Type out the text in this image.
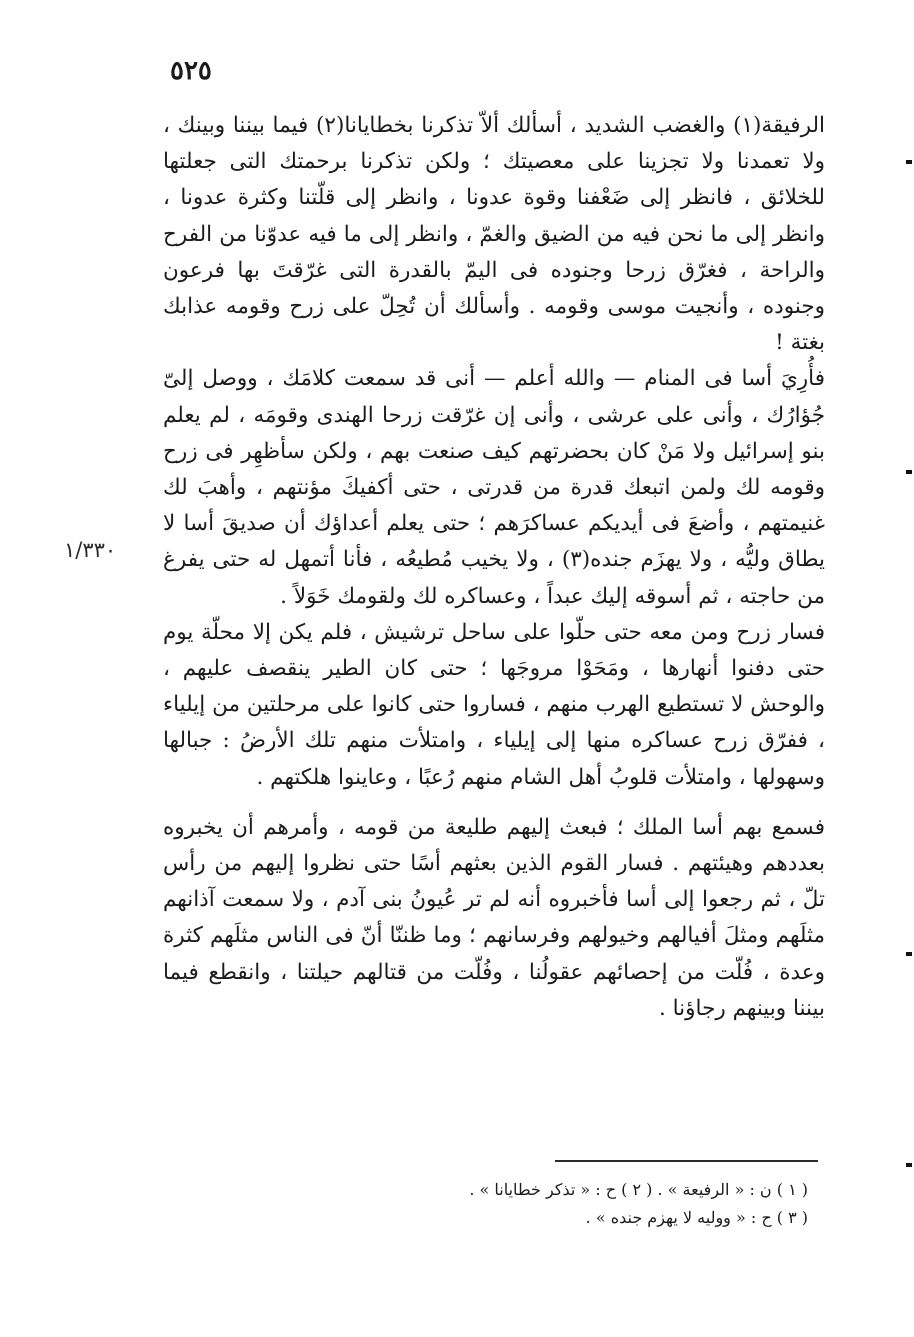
٥٢٥

الرفيقة(١) والغضب الشديد ، أسألك ألاّ تذكرنا بخطايانا(٢) فيما بيننا وبينك ، ولا تعمدنا ولا تجزينا على معصيتك ؛ ولكن تذكرنا برحمتك التى جعلتها للخلائق ، فانظر إلى ضَعْفنا وقوة عدونا ، وانظر إلى قلّتنا وكثرة عدونا ، وانظر إلى ما نحن فيه من الضيق والغمّ ، وانظر إلى ما فيه عدوّنا من الفرح والراحة ، فغرّق زرحا وجنوده فى اليمّ بالقدرة التى غرّقتَ بها فرعون وجنوده ، وأنجيت موسى وقومه . وأسألك أن تُحِلّ على زرح وقومه عذابك بغتة !

فأُرِيَ أسا فى المنام — والله أعلم — أنى قد سمعت كلامَك ، ووصل إلىّ جُؤارُك ، وأنى على عرشى ، وأنى إن غرّقت زرحا الهندى وقومَه ، لم يعلم بنو إسرائيل ولا مَنْ كان بحضرتهم كيف صنعت بهم ، ولكن سأظهِر فى زرح وقومه لك ولمن اتبعك قدرة من قدرتى ، حتى أكفيكَ مؤنتهم ، وأهبَ لك غنيمتهم ، وأضعَ فى أيديكم عساكرَهم ؛ حتى يعلم أعداؤك أن صديقَ أسا لا يطاق وليُّه ، ولا يهزَم جنده(٣) ، ولا يخيب مُطيعُه ، فأنا أتمهل له حتى يفرغ من حاجته ، ثم أسوقه إليك عبداً ، وعساكره لك ولقومك خَوَلاً .

فسار زرح ومن معه حتى حلّوا على ساحل ترشيش ، فلم يكن إلا محلّة يوم حتى دفنوا أنهارها ، ومَحَوْا مروجَها ؛ حتى كان الطير ينقصف عليهم ، والوحش لا تستطيع الهرب منهم ، فساروا حتى كانوا على مرحلتين من إيلياء ، ففرّق زرح عساكره منها إلى إيلياء ، وامتلأت منهم تلك الأرضُ : جبالها وسهولها ، وامتلأت قلوبُ أهل الشام منهم رُعبًا ، وعاينوا هلكتهم .

فسمع بهم أسا الملك ؛ فبعث إليهم طليعة من قومه ، وأمرهم أن يخبروه بعددهم وهيئتهم . فسار القوم الذين بعثهم أسًا حتى نظروا إليهم من رأس تلّ ، ثم رجعوا إلى أسا فأخبروه أنه لم تر عُيونُ بنى آدم ، ولا سمعت آذانهم مثلَهم ومثلَ أفيالهم وخيولهم وفرسانهم ؛ وما ظننّا أنّ فى الناس مثلَهم كثرة وعدة ، فُلّت من إحصائهم عقولُنا ، وفُلّت من قتالهم حيلتنا ، وانقطع فيما بيننا وبينهم رجاؤنا .

١/٣٣٠

( ١ ) ن : « الرفيعة » . ( ٢ ) ح : « تذكر خطايانا » .

( ٣ ) ح : « ووليه لا يهزم جنده » .
